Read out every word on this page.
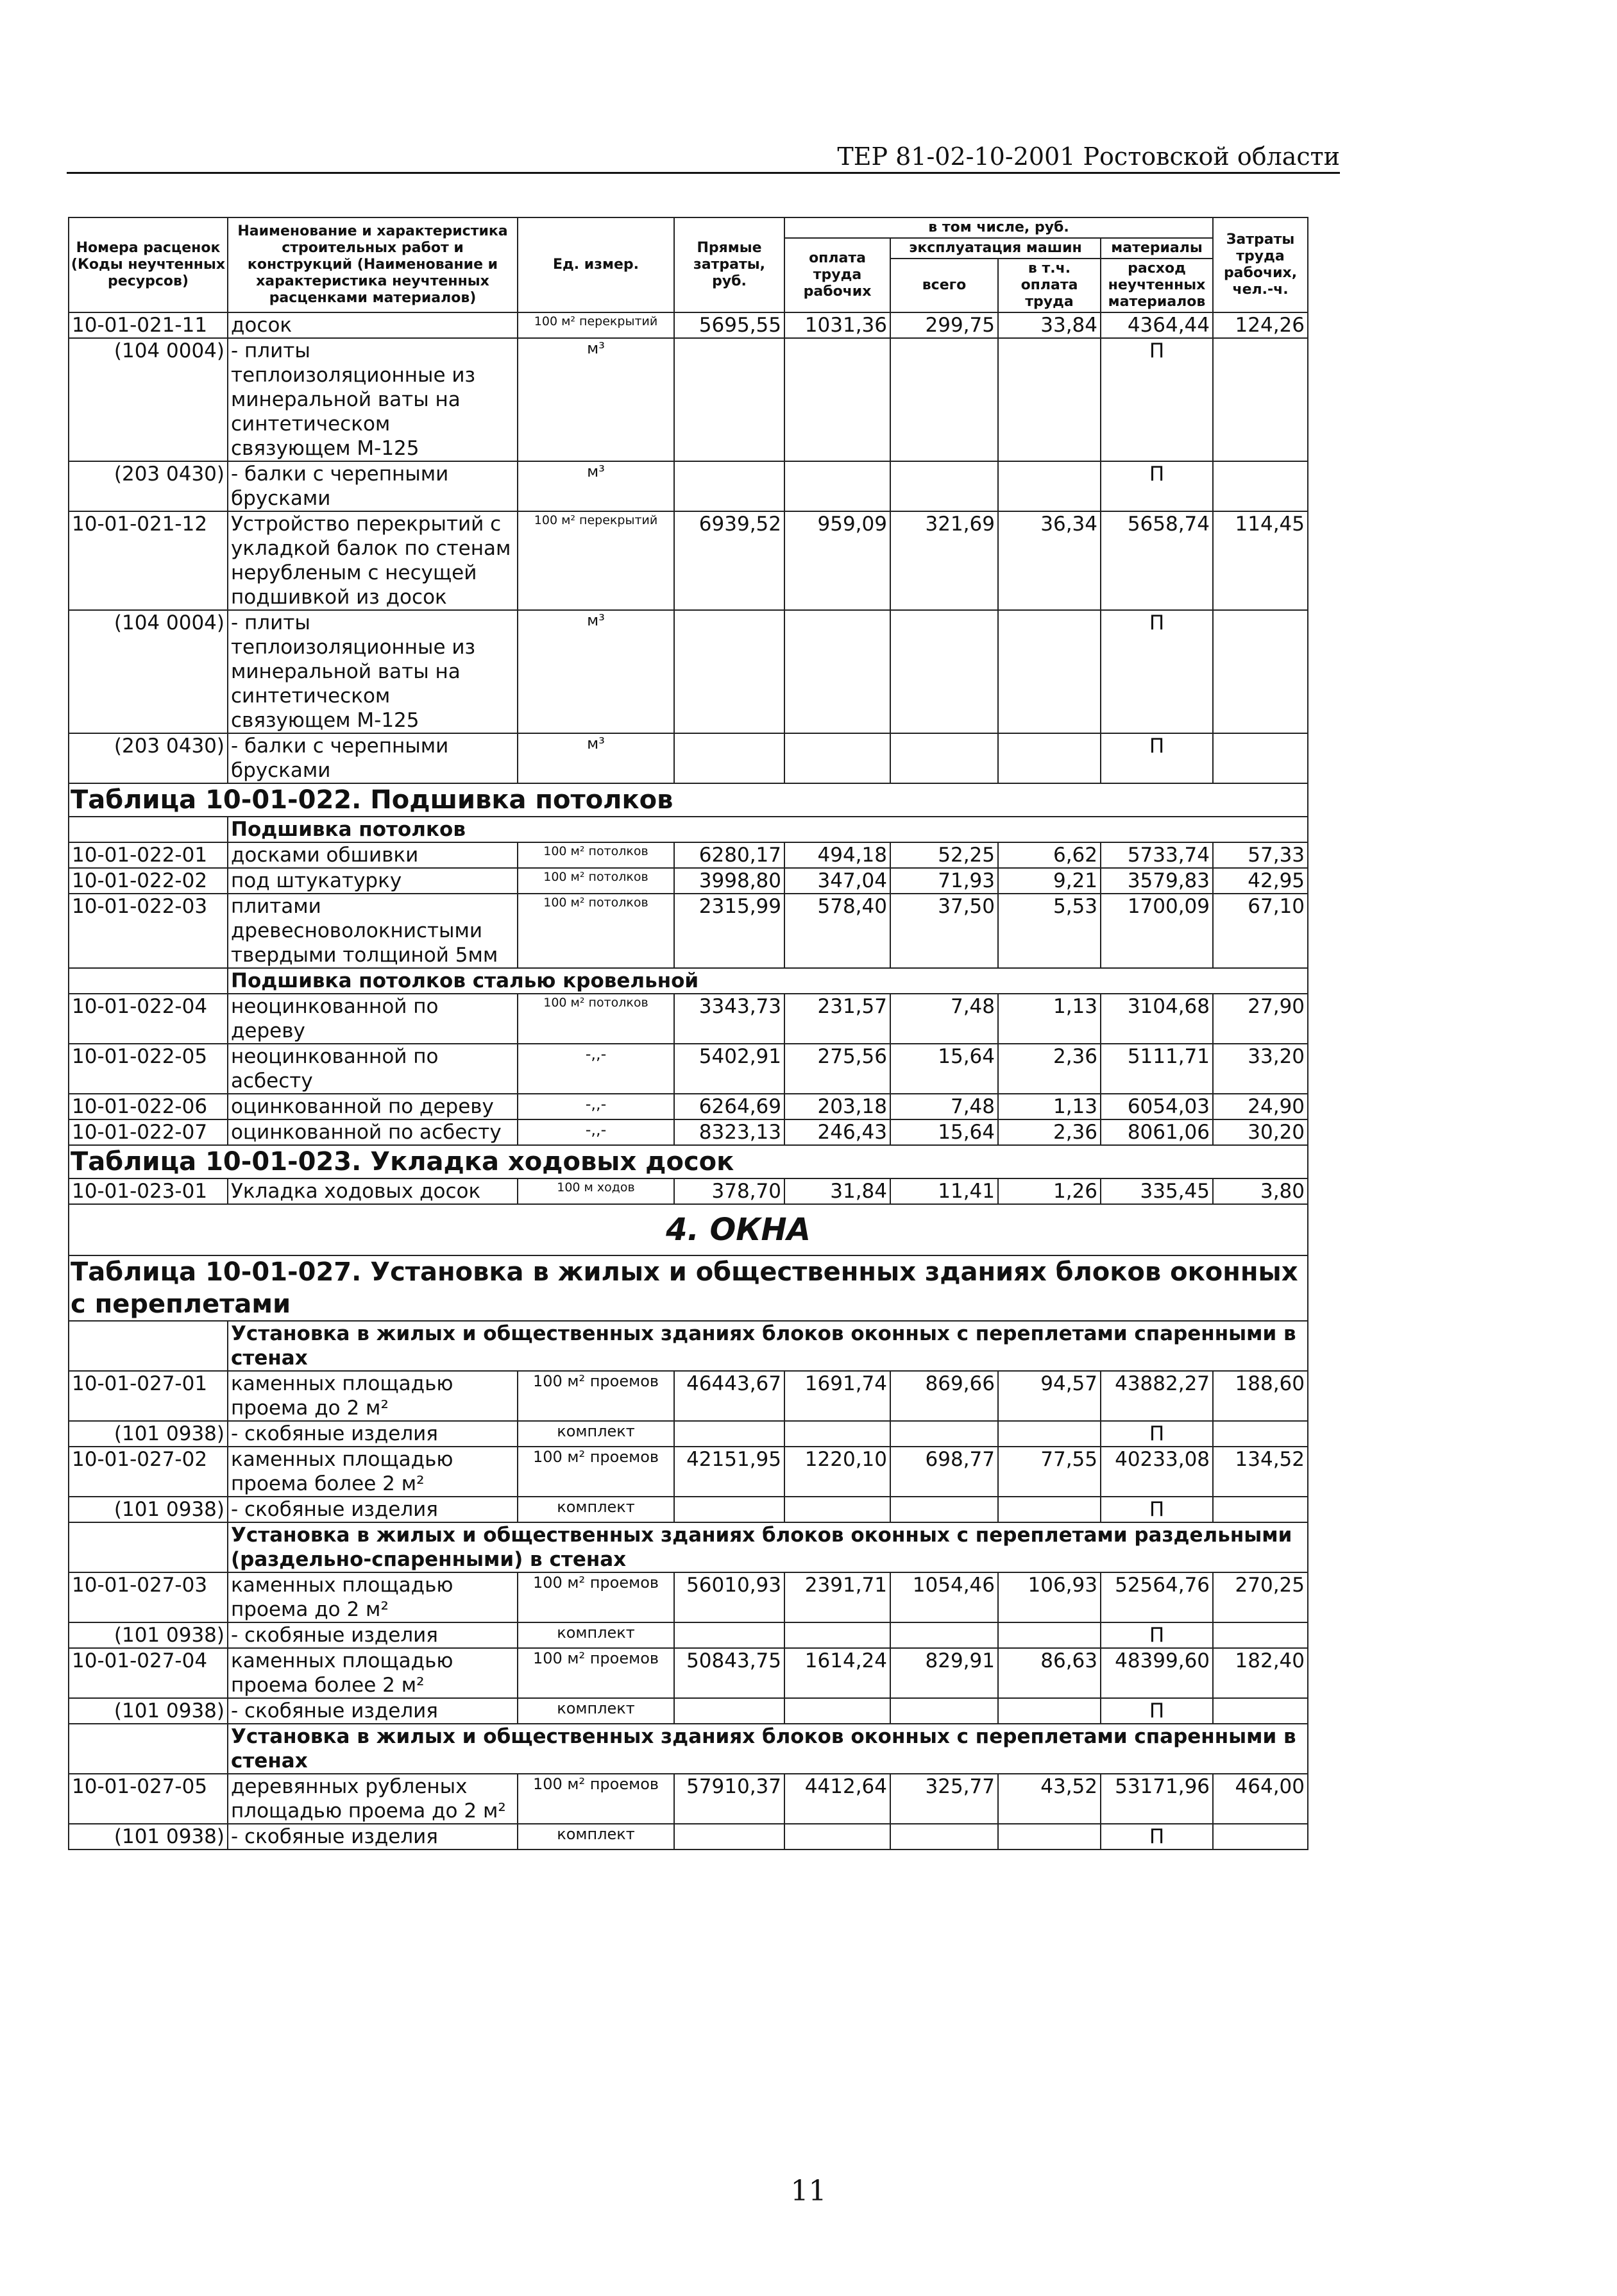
ТЕР 81-02-10-2001 Ростовской области
Номера расценок (Коды неучтенных ресурсов)	Наименование и характеристика строительных работ и конструкций (Наименование и характеристика неучтенных расценками материалов)	Ед. измер.	Прямые затраты, руб.	в том числе, руб.				Затраты труда рабочих, чел.-ч.
				оплата труда рабочих	эксплуатация машин		материалы	
					всего	в т.ч. оплата труда	расход неучтенных материалов	
10-01-021-11	досок	100 м² перекрытий	5695,55	1031,36	299,75	33,84	4364,44	124,26
(104 0004)	- плиты теплоизоляционные из минеральной ваты на синтетическом связующем М-125	м³					П	
(203 0430)	- балки с черепными брусками	м³					П	
10-01-021-12	Устройство перекрытий с укладкой балок по стенам нерубленым с несущей подшивкой из досок	100 м² перекрытий	6939,52	959,09	321,69	36,34	5658,74	114,45
(104 0004)	- плиты теплоизоляционные из минеральной ваты на синтетическом связующем М-125	м³					П	
(203 0430)	- балки с черепными брусками	м³					П	
Таблица 10-01-022. Подшивка потолков								
	Подшивка потолков							
10-01-022-01	досками обшивки	100 м² потолков	6280,17	494,18	52,25	6,62	5733,74	57,33
10-01-022-02	под штукатурку	100 м² потолков	3998,80	347,04	71,93	9,21	3579,83	42,95
10-01-022-03	плитами древесноволокнистыми твердыми толщиной 5мм	100 м² потолков	2315,99	578,40	37,50	5,53	1700,09	67,10
	Подшивка потолков сталью кровельной							
10-01-022-04	неоцинкованной по дереву	100 м² потолков	3343,73	231,57	7,48	1,13	3104,68	27,90
10-01-022-05	неоцинкованной по асбесту	-,,-	5402,91	275,56	15,64	2,36	5111,71	33,20
10-01-022-06	оцинкованной по дереву	-,,-	6264,69	203,18	7,48	1,13	6054,03	24,90
10-01-022-07	оцинкованной по асбесту	-,,-	8323,13	246,43	15,64	2,36	8061,06	30,20
Таблица 10-01-023. Укладка ходовых досок								
10-01-023-01	Укладка ходовых досок	100 м ходов	378,70	31,84	11,41	1,26	335,45	3,80
4. ОКНА								
Таблица 10-01-027. Установка в жилых и общественных зданиях блоков оконных с переплетами								
	Установка в жилых и общественных зданиях блоков оконных с переплетами спаренными в стенах							
10-01-027-01	каменных площадью проема до 2 м²	100 м² проемов	46443,67	1691,74	869,66	94,57	43882,27	188,60
(101 0938)	- скобяные изделия	комплект					П	
10-01-027-02	каменных площадью проема более 2 м²	100 м² проемов	42151,95	1220,10	698,77	77,55	40233,08	134,52
(101 0938)	- скобяные изделия	комплект					П	
	Установка в жилых и общественных зданиях блоков оконных с переплетами раздельными (раздельно-спаренными) в стенах							
10-01-027-03	каменных площадью проема до 2 м²	100 м² проемов	56010,93	2391,71	1054,46	106,93	52564,76	270,25
(101 0938)	- скобяные изделия	комплект					П	
10-01-027-04	каменных площадью проема более 2 м²	100 м² проемов	50843,75	1614,24	829,91	86,63	48399,60	182,40
(101 0938)	- скобяные изделия	комплект					П	
	Установка в жилых и общественных зданиях блоков оконных с переплетами спаренными в стенах							
10-01-027-05	деревянных рубленых площадью проема до 2 м²	100 м² проемов	57910,37	4412,64	325,77	43,52	53171,96	464,00
(101 0938)	- скобяные изделия	комплект					П	
11
